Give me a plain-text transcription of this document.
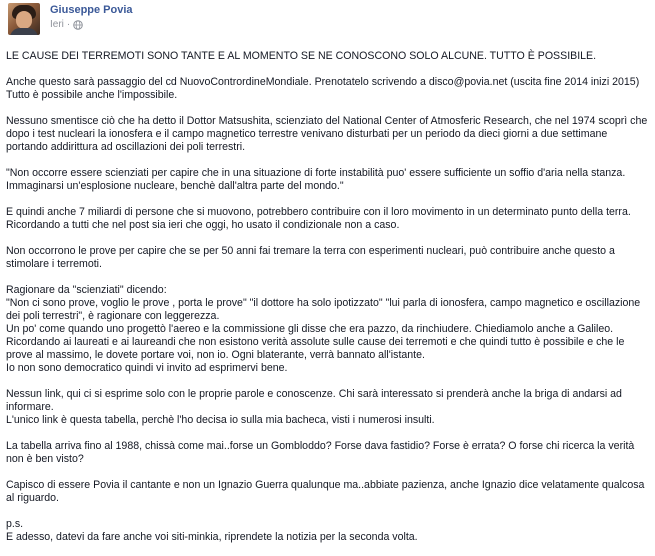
Giuseppe Povia
Ieri ·

LE CAUSE DEI TERREMOTI SONO TANTE E AL MOMENTO SE NE CONOSCONO SOLO ALCUNE. TUTTO È POSSIBILE.

Anche questo sarà passaggio del cd NuovoContrordineMondiale. Prenotatelo scrivendo a disco@povia.net (uscita fine 2014 inizi 2015) Tutto è possibile anche l'impossibile.

Nessuno smentisce ciò che ha detto il Dottor Matsushita, scienziato del National Center of Atmosferic Research, che nel 1974 scoprì che dopo i test nucleari la ionosfera e il campo magnetico terrestre venivano disturbati per un periodo da dieci giorni a due settimane portando addirittura ad oscillazioni dei poli terrestri.

"Non occorre essere scienziati per capire che in una situazione di forte instabilità puo' essere sufficiente un soffio d'aria nella stanza. Immaginarsi un'esplosione nucleare, benchè dall'altra parte del mondo."

E quindi anche 7 miliardi di persone che si muovono, potrebbero contribuire con il loro movimento in un determinato punto della terra. Ricordando a tutti che nel post sia ieri che oggi, ho usato il condizionale non a caso.

Non occorrono le prove per capire che se per 50 anni fai tremare la terra con esperimenti nucleari, può contribuire anche questo a stimolare i terremoti.

Ragionare da "scienziati" dicendo:

"Non ci sono prove, voglio le prove , porta le prove" "il dottore ha solo ipotizzato" "lui parla di ionosfera, campo magnetico e oscillazione dei poli terrestri", è ragionare con leggerezza.

Un po' come quando uno progettò l'aereo e la commissione gli disse che era pazzo, da rinchiudere. Chiediamolo anche a Galileo.

Ricordando ai laureati e ai laureandi che non esistono verità assolute sulle cause dei terremoti e che quindi tutto è possibile e che le prove al massimo, le dovete portare voi, non io. Ogni blaterante, verrà bannato all'istante.

Io non sono democratico quindi vi invito ad esprimervi bene.

Nessun link, qui ci si esprime solo con le proprie parole e conoscenze. Chi sarà interessato si prenderà anche la briga di andarsi ad informare.
L'unico link è questa tabella, perchè l'ho decisa io sulla mia bacheca, visti i numerosi insulti.

La tabella arriva fino al 1988, chissà come mai..forse un Gombloddo? Forse dava fastidio? Forse è errata? O forse chi ricerca la verità non è ben visto?

Capisco di essere Povia il cantante e non un Ignazio Guerra qualunque ma..abbiate pazienza, anche Ignazio dice velatamente qualcosa al riguardo.

p.s.

E adesso, datevi da fare anche voi siti-minkia, riprendete la notizia per la seconda volta.
